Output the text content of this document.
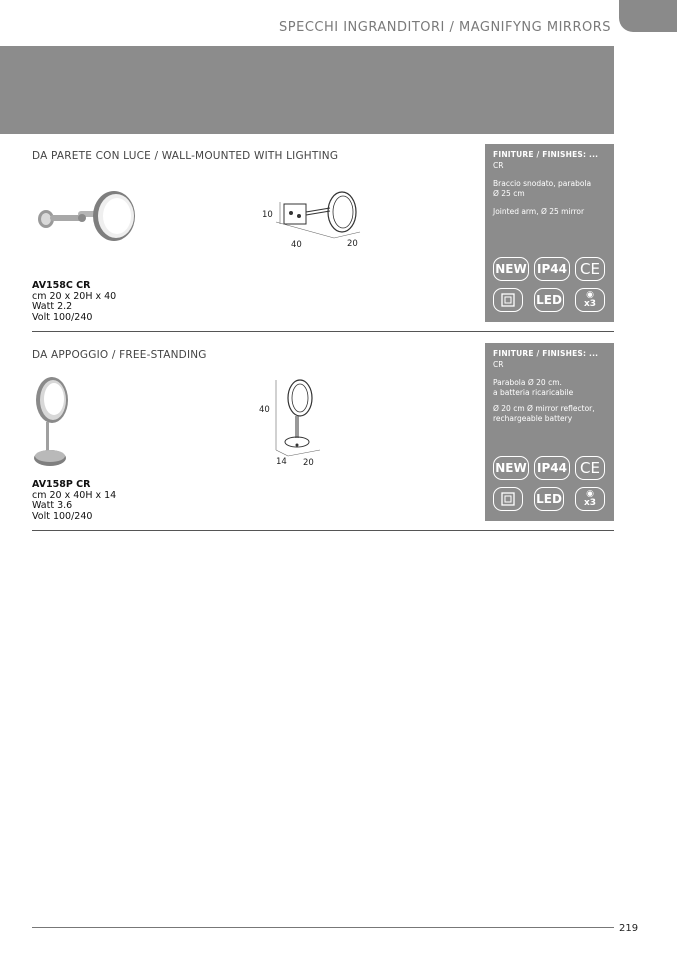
SPECCHI INGRANDITORI / MAGNIFYNG MIRRORS
DA PARETE CON LUCE / WALL-MOUNTED WITH LIGHTING
10
40	20
AV158C CR
cm 20 x 20H x 40
Watt 2.2
Volt 100/240
FINITURE / FINISHES: ...
CR
Braccio snodato, parabola
Ø 25 cm
Jointed arm, Ø 25 mirror
NEW IP44 CE
LED	◉
x3
DA APPOGGIO / FREE-STANDING
40
14 20
AV158P CR
cm 20 x 40H x 14
Watt 3.6
Volt 100/240
FINITURE / FINISHES: ...
CR
Parabola Ø 20 cm.
a batteria ricaricabile
Ø 20 cm Ø mirror reflector,
rechargeable battery
NEW IP44 CE
LED	◉
x3
219
